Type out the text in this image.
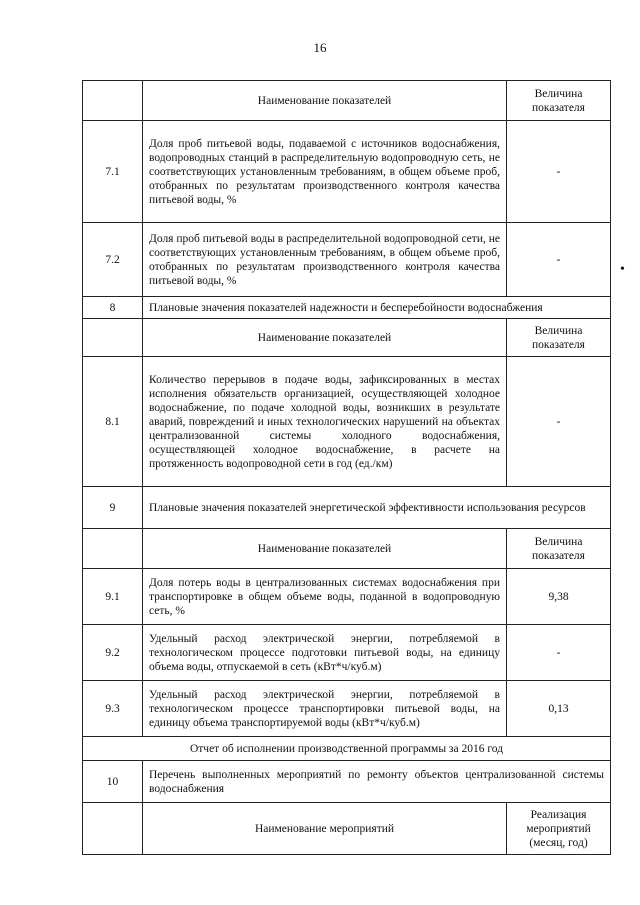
16
•
	Наименование показателей	Величина показателя
7.1	Доля проб питьевой воды, подаваемой с источников водоснабжения, водопроводных станций в распределительную водопроводную сеть, не соответствующих установленным требованиям, в общем объеме проб, отобранных по результатам производственного контроля качества питьевой воды, %	-
7.2	Доля проб питьевой воды в распределительной водопроводной сети, не соответствующих установленным требованиям, в общем объеме проб, отобранных по результатам производственного контроля качества питьевой воды, %	-
8	Плановые значения показателей надежности и бесперебойности водоснабжения	
	Наименование показателей	Величина показателя
8.1	Количество перерывов в подаче воды, зафиксированных в местах исполнения обязательств организацией, осуществляющей холодное водоснабжение, по подаче холодной воды, возникших в результате аварий, повреждений и иных технологических нарушений на объектах централизованной системы холодного водоснабжения, осуществляющей холодное водоснабжение, в расчете на протяженность водопроводной сети в год (ед./км)	-
9	Плановые значения показателей энергетической эффективности использования ресурсов	
	Наименование показателей	Величина показателя
9.1	Доля потерь воды в централизованных системах водоснабжения при транспортировке в общем объеме воды, поданной в водопроводную сеть, %	9,38
9.2	Удельный расход электрической энергии, потребляемой в технологическом процессе подготовки питьевой воды, на единицу объема воды, отпускаемой в сеть (кВт*ч/куб.м)	-
9.3	Удельный расход электрической энергии, потребляемой в технологическом процессе транспортировки питьевой воды, на единицу объема транспортируемой воды (кВт*ч/куб.м)	0,13
Отчет об исполнении производственной программы за 2016 год		
10	Перечень выполненных мероприятий по ремонту объектов централизованной системы водоснабжения	
	Наименование мероприятий	Реализация мероприятий (месяц, год)
